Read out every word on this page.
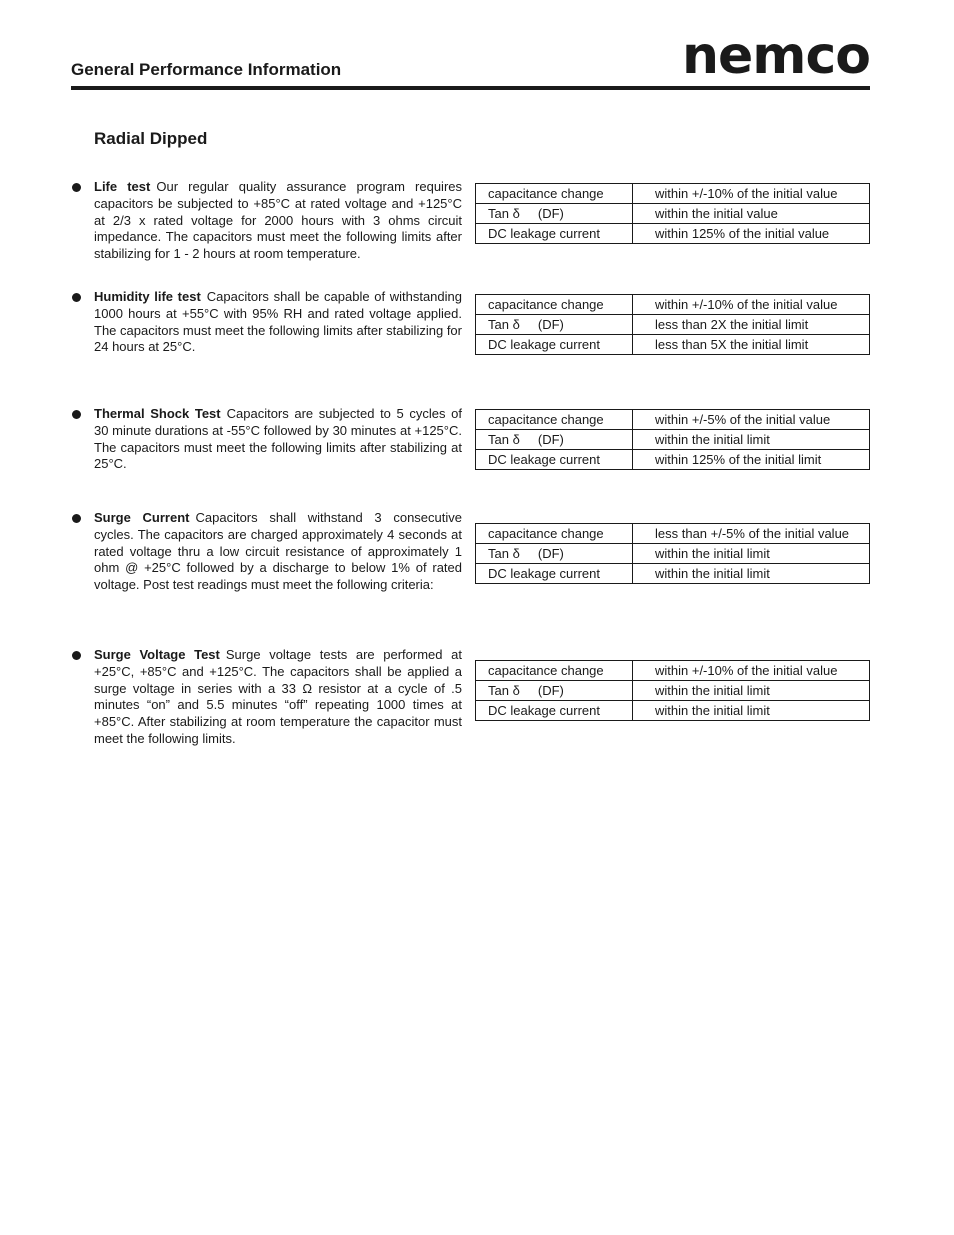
General Performance Information	nemco
Radial Dipped

Life test Our regular quality assurance program requires capacitors be subjected to +85°C at rated voltage and +125°C at 2/3 x rated voltage for 2000 hours with 3 ohms circuit impedance. The capacitors must meet the following limits after stabilizing for 1 - 2 hours at room temperature.

capacitance change	within +/-10% of the initial value
Tan δ     (DF)	within the initial value
DC leakage current	within 125% of the initial value

Humidity life test Capacitors shall be capable of withstanding 1000 hours at +55°C with 95% RH and rated voltage applied. The capacitors must meet the following limits after stabilizing for 24 hours at 25°C.

capacitance change	within +/-10% of the initial value
Tan δ     (DF)	less than 2X the initial limit
DC leakage current	less than 5X the initial limit

Thermal Shock Test Capacitors are subjected to 5 cycles of 30 minute durations at -55°C followed by 30 minutes at +125°C. The capacitors must meet the following limits after stabilizing at 25°C.

capacitance change	within +/-5% of the initial value
Tan δ     (DF)	within the initial limit
DC leakage current	within 125% of the initial limit

Surge Current Capacitors shall withstand 3 consecutive cycles. The capacitors are charged approximately 4 seconds at rated voltage thru a low circuit resistance of approximately 1 ohm @ +25°C followed by a discharge to below 1% of rated voltage. Post test readings must meet the following criteria:

capacitance change	less than +/-5% of the initial value
Tan δ     (DF)	within the initial limit
DC leakage current	within the initial limit

Surge Voltage Test Surge voltage tests are performed at +25°C, +85°C and +125°C. The capacitors shall be applied a surge voltage in series with a 33 Ω resistor at a cycle of .5 minutes “on” and 5.5 minutes “off” repeating 1000 times at +85°C. After stabilizing at room temperature the capacitor must meet the following limits.

capacitance change	within +/-10% of the initial value
Tan δ     (DF)	within the initial limit
DC leakage current	within the initial limit
